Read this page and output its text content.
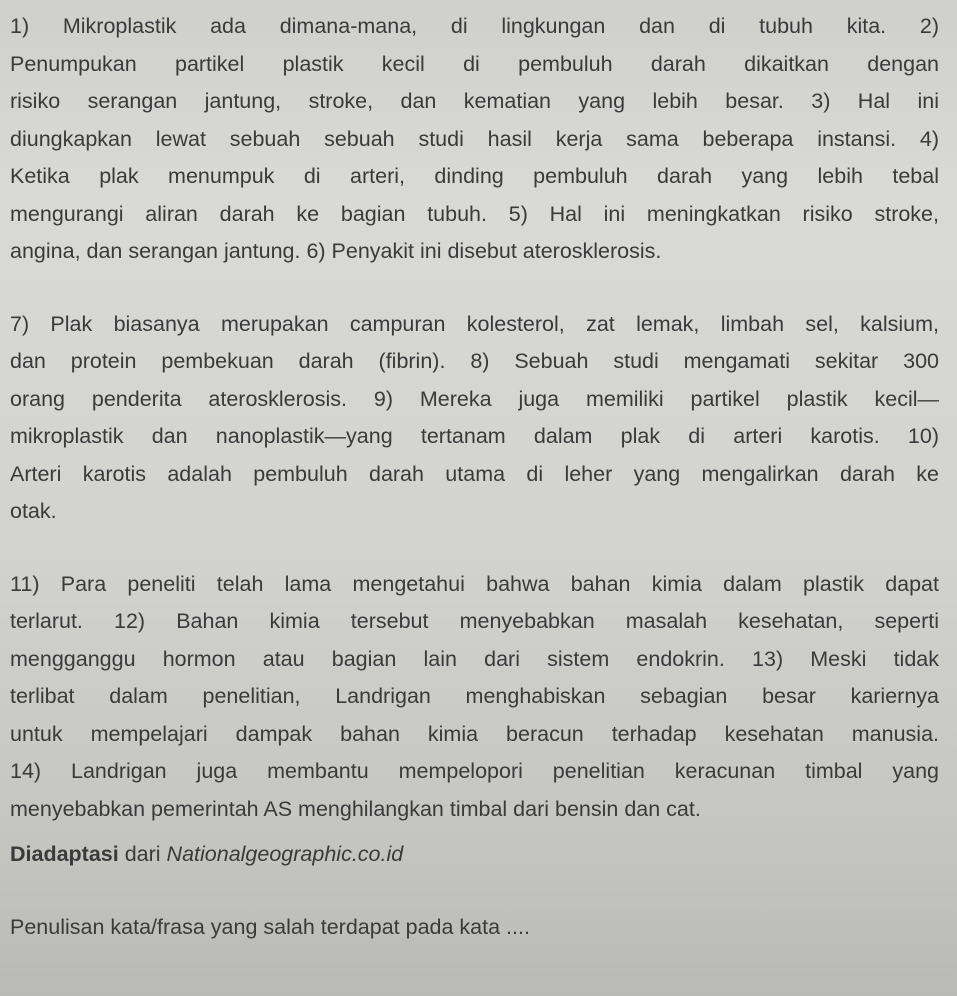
1) Mikroplastik ada dimana-mana, di lingkungan dan di tubuh kita. 2)
Penumpukan partikel plastik kecil di pembuluh darah dikaitkan dengan
risiko serangan jantung, stroke, dan kematian yang lebih besar. 3) Hal ini
diungkapkan lewat sebuah sebuah studi hasil kerja sama beberapa instansi. 4)
Ketika plak menumpuk di arteri, dinding pembuluh darah yang lebih tebal
mengurangi aliran darah ke bagian tubuh. 5) Hal ini meningkatkan risiko stroke,
angina, dan serangan jantung. 6) Penyakit ini disebut aterosklerosis.
7) Plak biasanya merupakan campuran kolesterol, zat lemak, limbah sel, kalsium,
dan protein pembekuan darah (fibrin). 8) Sebuah studi mengamati sekitar 300
orang penderita aterosklerosis. 9) Mereka juga memiliki partikel plastik kecil—
mikroplastik dan nanoplastik—yang tertanam dalam plak di arteri karotis. 10)
Arteri karotis adalah pembuluh darah utama di leher yang mengalirkan darah ke
otak.
11) Para peneliti telah lama mengetahui bahwa bahan kimia dalam plastik dapat
terlarut. 12) Bahan kimia tersebut menyebabkan masalah kesehatan, seperti
mengganggu hormon atau bagian lain dari sistem endokrin. 13) Meski tidak
terlibat dalam penelitian, Landrigan menghabiskan sebagian besar kariernya
untuk mempelajari dampak bahan kimia beracun terhadap kesehatan manusia.
14) Landrigan juga membantu mempelopori penelitian keracunan timbal yang
menyebabkan pemerintah AS menghilangkan timbal dari bensin dan cat.
Diadaptasi dari Nationalgeographic.co.id
Penulisan kata/frasa yang salah terdapat pada kata ....
